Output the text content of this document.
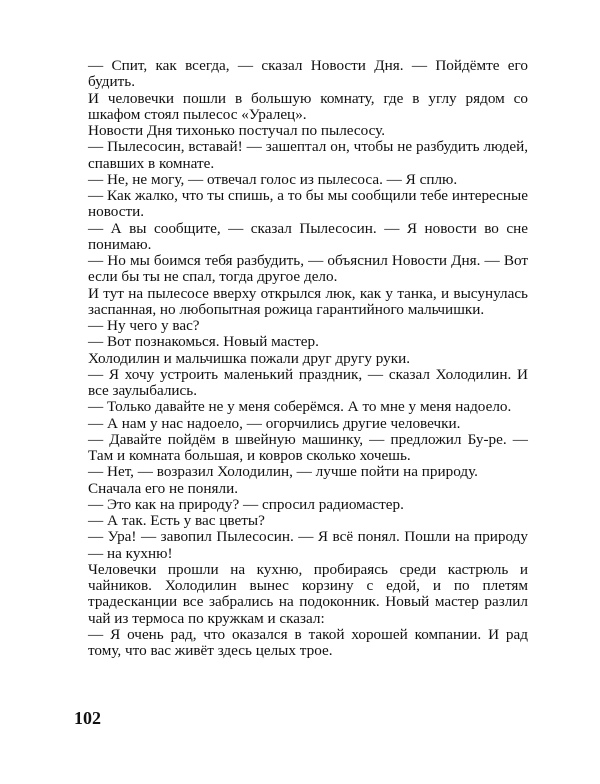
— Спит, как всегда, — сказал Новости Дня. — Пойдёмте его будить.

И человечки пошли в большую комнату, где в углу рядом со шкафом стоял пылесос «Уралец».

Новости Дня тихонько постучал по пылесосу.

— Пылесосин, вставай! — зашептал он, чтобы не разбудить людей, спавших в комнате.

— Не, не могу, — отвечал голос из пылесоса. — Я сплю.

— Как жалко, что ты спишь, а то бы мы сообщили тебе интересные новости.

— А вы сообщите, — сказал Пылесосин. — Я новости во сне понимаю.

— Но мы боимся тебя разбудить, — объяснил Новости Дня. — Вот если бы ты не спал, тогда другое дело.

И тут на пылесосе вверху открылся люк, как у танка, и высунулась заспанная, но любопытная рожица гарантийного мальчишки.

— Ну чего у вас?

— Вот познакомься. Новый мастер.

Холодилин и мальчишка пожали друг другу руки.

— Я хочу устроить маленький праздник, — сказал Холодилин. И все заулыбались.

— Только давайте не у меня соберёмся. А то мне у меня надоело.

— А нам у нас надоело, — огорчились другие человечки.

— Давайте пойдём в швейную машинку, — предложил Бу-ре. — Там и комната большая, и ковров сколько хочешь.

— Нет, — возразил Холодилин, — лучше пойти на природу.

Сначала его не поняли.

— Это как на природу? — спросил радиомастер.

— А так. Есть у вас цветы?

— Ура! — завопил Пылесосин. — Я всё понял. Пошли на природу — на кухню!

Человечки прошли на кухню, пробираясь среди кастрюль и чайников. Холодилин вынес корзину с едой, и по плетям традесканции все забрались на подоконник. Новый мастер разлил чай из термоса по кружкам и сказал:

— Я очень рад, что оказался в такой хорошей компании. И рад тому, что вас живёт здесь целых трое.

102
